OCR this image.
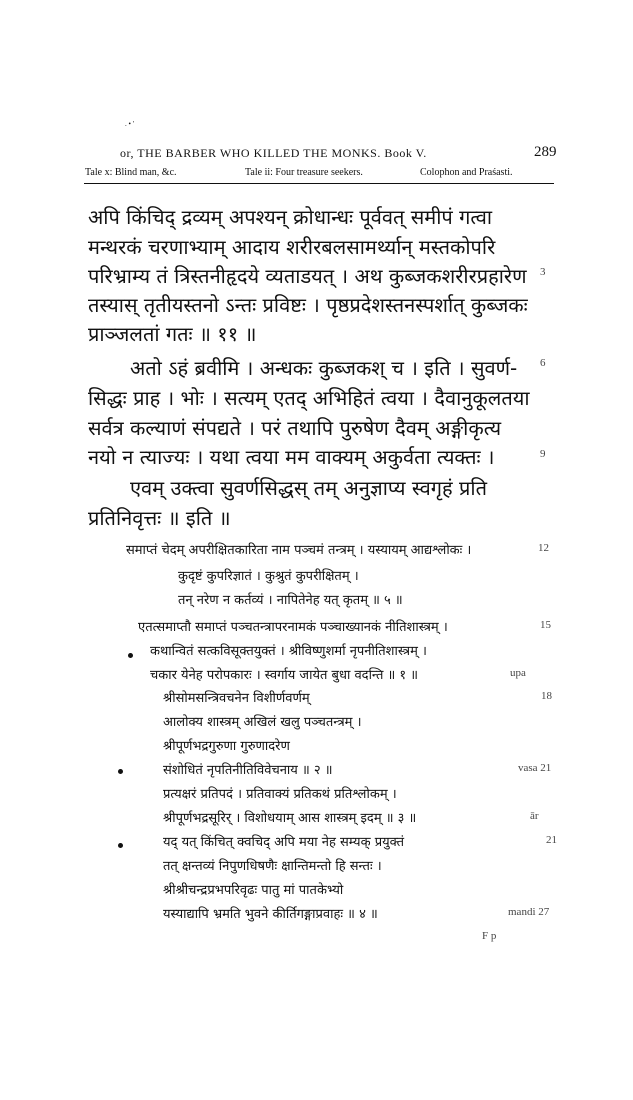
. • '
or, THE BARBER WHO KILLED THE MONKS. Book V.	289
Tale x: Blind man, &c.	Tale ii: Four treasure seekers.	Colophon and Praśasti.
अपि किंचिद् द्रव्यम् अपश्यन् क्रोधान्धः पूर्ववत् समीपं गत्वा
मन्थरकं चरणाभ्याम् आदाय शरीरबलसामर्थ्यान् मस्तकोपरि
परिभ्राम्य तं त्रिस्तनीहृदये व्यताडयत् । अथ कुब्जकशरीरप्रहारेण
तस्यास् तृतीयस्तनो ऽन्तः प्रविष्टः । पृष्ठप्रदेशस्तनस्पर्शात् कुब्जकः
प्राञ्जलतां गतः ॥ ११ ॥
3
अतो ऽहं ब्रवीमि । अन्धकः कुब्जकश् च । इति । सुवर्ण-
सिद्धः प्राह । भोः । सत्यम् एतद् अभिहितं त्वया । दैवानुकूलतया
सर्वत्र कल्याणं संपद्यते । परं तथापि पुरुषेण दैवम् अङ्गीकृत्य
नयो न त्याज्यः । यथा त्वया मम वाक्यम् अकुर्वता त्यक्तः ।
एवम् उक्त्वा सुवर्णसिद्धस् तम् अनुज्ञाप्य स्वगृहं प्रति
प्रतिनिवृत्तः ॥ इति ॥
6
9
समाप्तं चेदम् अपरीक्षितकारिता नाम पञ्चमं तन्त्रम् । यस्यायम् आद्यश्लोकः ।
कुदृष्टं कुपरिज्ञातं । कुश्रुतं कुपरीक्षितम् ।
तन् नरेण न कर्तव्यं । नापितेनेह यत् कृतम् ॥ ५ ॥
12
एतत्समाप्तौ समाप्तं पञ्चतन्त्रापरनामकं पञ्चाख्यानकं नीतिशास्त्रम् ।
कथान्वितं सत्कविसूक्तयुक्तं । श्रीविष्णुशर्मा नृपनीतिशास्त्रम् ।
चकार येनेह परोपकारः । स्वर्गाय जायेत बुधा वदन्ति ॥ १ ॥
श्रीसोमसन्त्रिवचनेन विशीर्णवर्णम्
आलोक्य शास्त्रम् अखिलं खलु पञ्चतन्त्रम् ।
श्रीपूर्णभद्रगुरुणा गुरुणादरेण
संशोधितं नृपतिनीतिविवेचनाय ॥ २ ॥
प्रत्यक्षरं प्रतिपदं । प्रतिवाक्यं प्रतिकथं प्रतिश्लोकम् ।
श्रीपूर्णभद्रसूरिर् । विशोधयाम् आस शास्त्रम् इदम् ॥ ३ ॥
यद् यत् किंचित् क्वचिद् अपि मया नेह सम्यक् प्रयुक्तं
तत् क्षन्तव्यं निपुणधिषणैः क्षान्तिमन्तो हि सन्तः ।
श्रीश्रीचन्द्रप्रभपरिवृढः पातु मां पातकेभ्यो
यस्याद्यापि भ्रमति भुवने कीर्तिगङ्गाप्रवाहः ॥ ४ ॥
15
upa
18
vasa 21
ār
21
mandi 27
F p
